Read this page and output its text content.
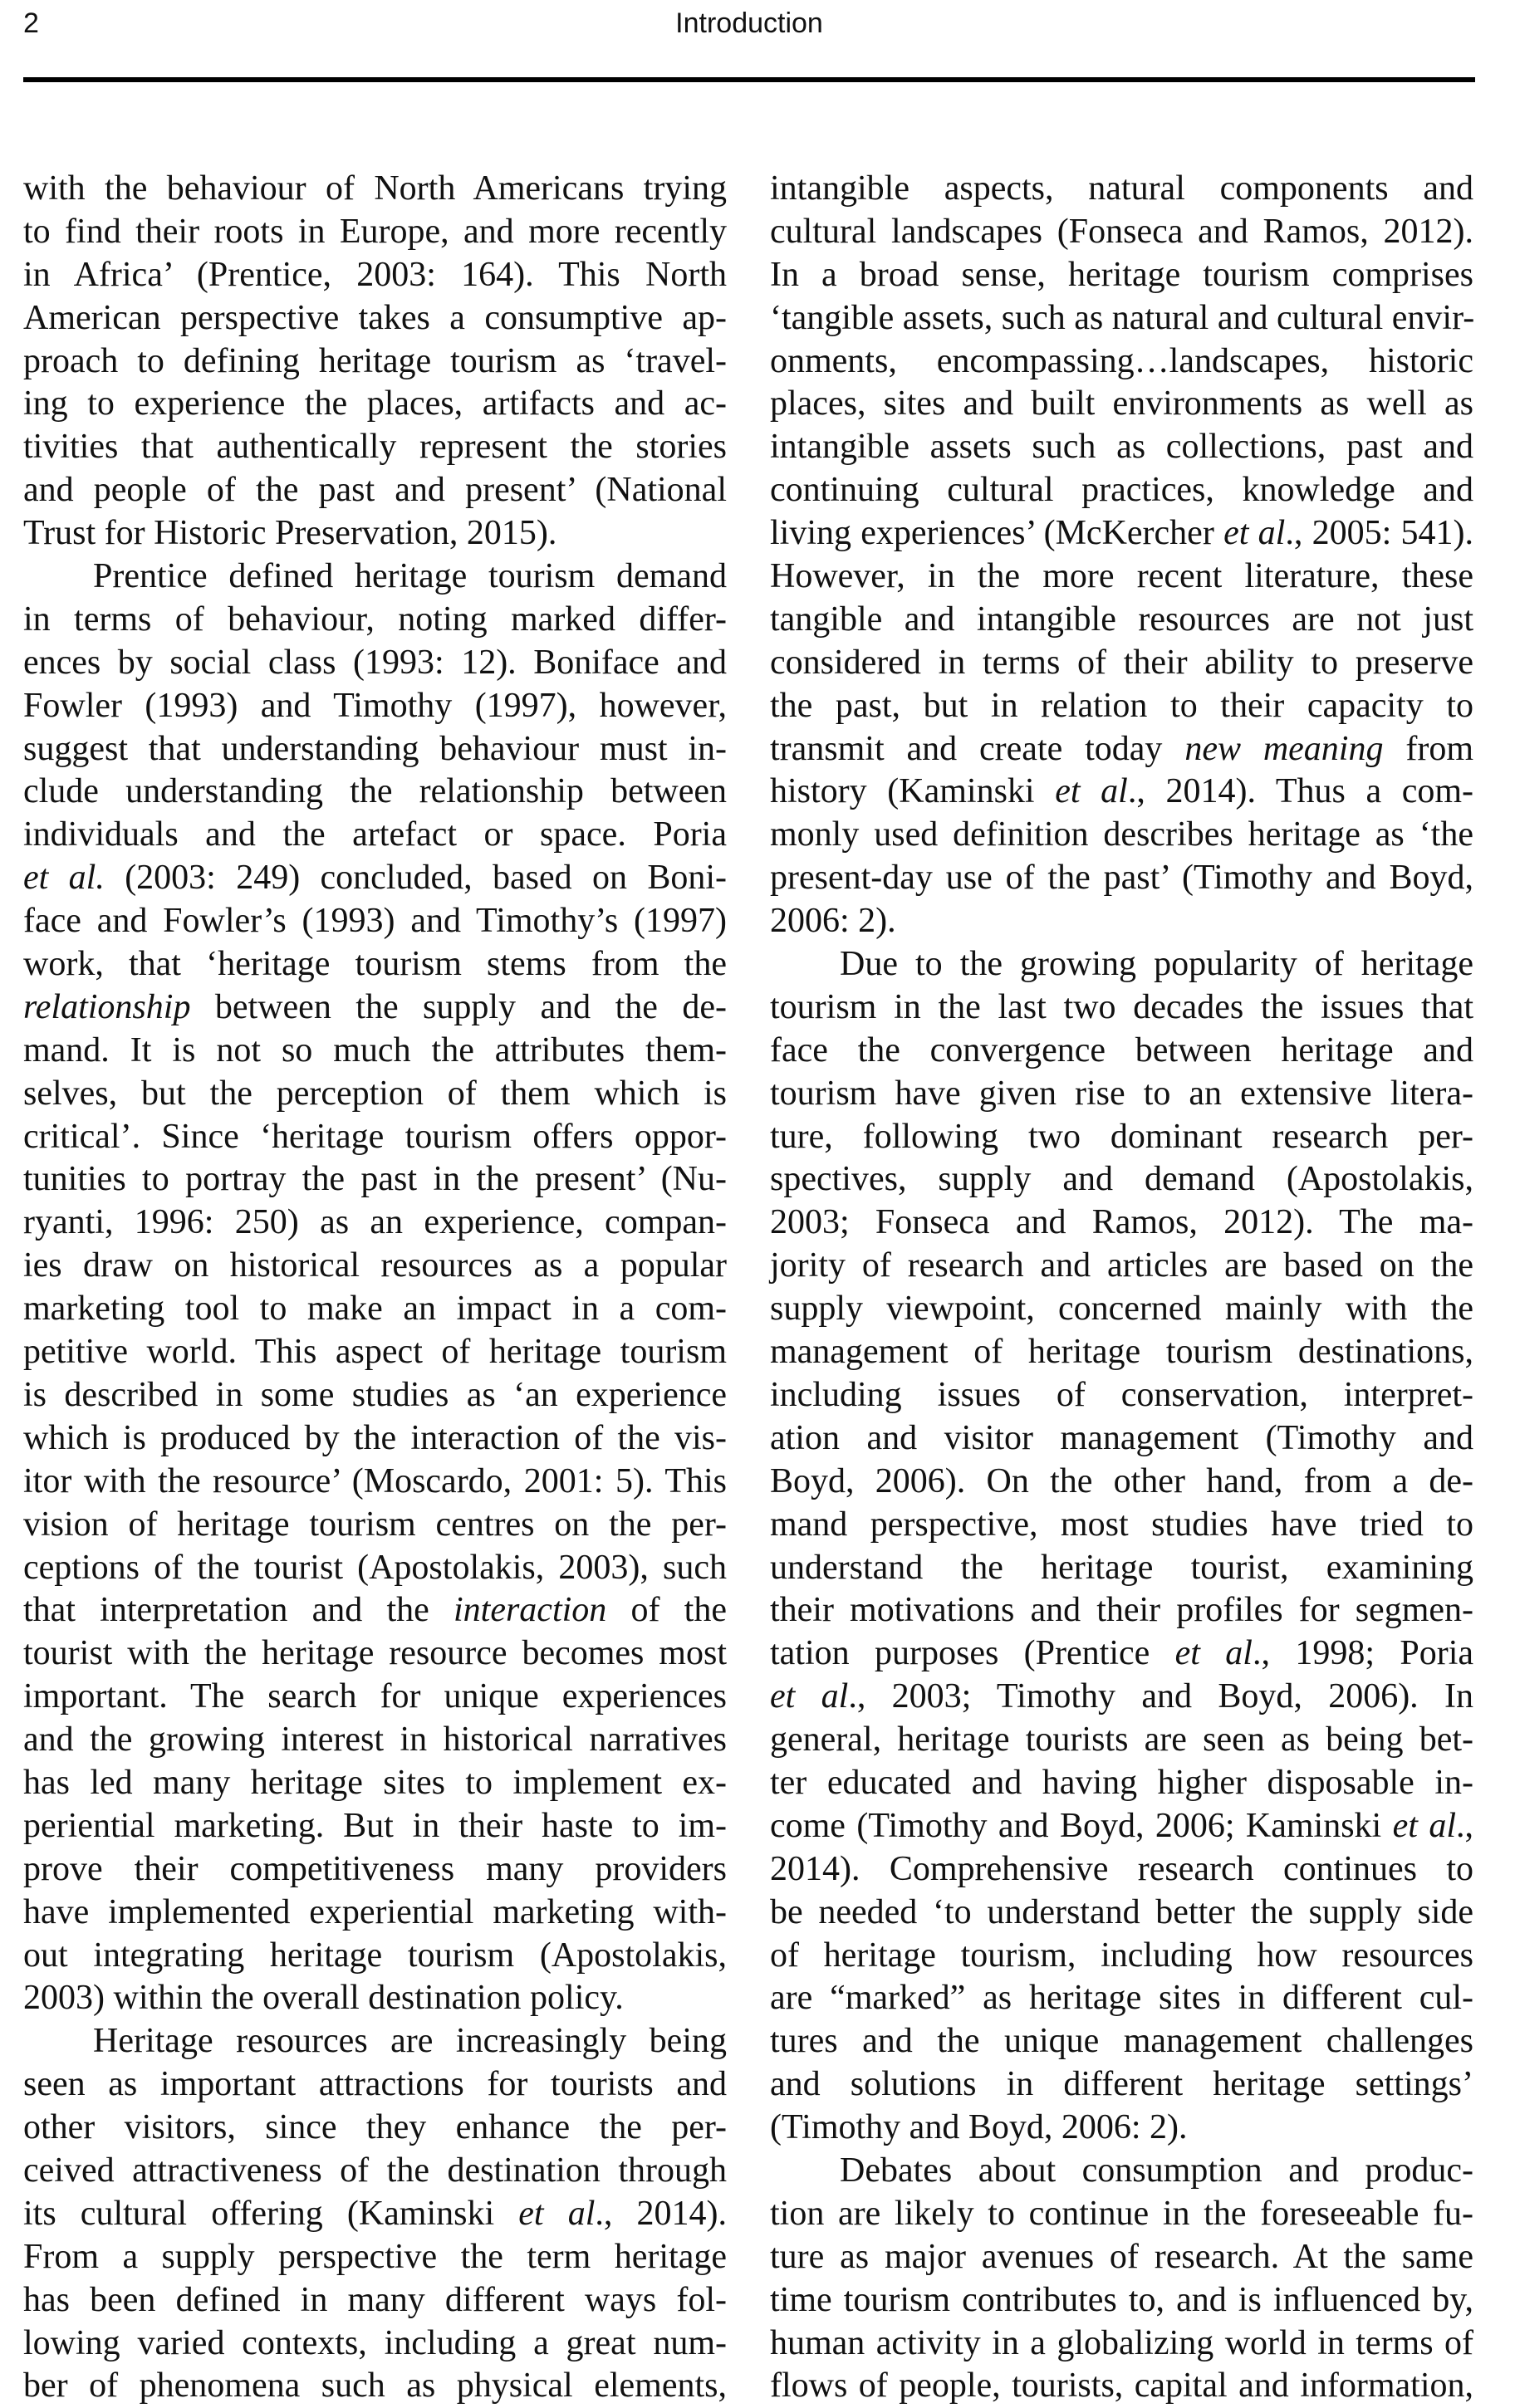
2	Introduction
with the behaviour of North Americans trying
to find their roots in Europe, and more recently
in Africa’ (Prentice, 2003: 164). This North
American perspective takes a consumptive ap-
proach to defining heritage tourism as ‘travel-
ing to experience the places, artifacts and ac-
tivities that authentically represent the stories
and people of the past and present’ (National
Trust for Historic Preservation, 2015).
Prentice defined heritage tourism demand
in terms of behaviour, noting marked differ-
ences by social class (1993: 12). Boniface and
Fowler (1993) and Timothy (1997), however,
suggest that understanding behaviour must in-
clude understanding the relationship between
individuals and the artefact or space. Poria
et al. (2003: 249) concluded, based on Boni-
face and Fowler’s (1993) and Timothy’s (1997)
work, that ‘heritage tourism stems from the
relationship between the supply and the de-
mand. It is not so much the attributes them-
selves, but the perception of them which is
critical’. Since ‘heritage tourism offers oppor-
tunities to portray the past in the present’ (Nu-
ryanti, 1996: 250) as an experience, compan-
ies draw on historical resources as a popular
marketing tool to make an impact in a com-
petitive world. This aspect of heritage tourism
is described in some studies as ‘an experience
which is produced by the interaction of the vis-
itor with the resource’ (Moscardo, 2001: 5). This
vision of heritage tourism centres on the per-
ceptions of the tourist (Apostolakis, 2003), such
that interpretation and the interaction of the
tourist with the heritage resource becomes most
important. The search for unique experiences
and the growing interest in historical narratives
has led many heritage sites to implement ex-
periential marketing. But in their haste to im-
prove their competitiveness many providers
have implemented experiential marketing with-
out integrating heritage tourism (Apostolakis,
2003) within the overall destination policy.
Heritage resources are increasingly being
seen as important attractions for tourists and
other visitors, since they enhance the per-
ceived attractiveness of the destination through
its cultural offering (Kaminski et al., 2014).
From a supply perspective the term heritage
has been defined in many different ways fol-
lowing varied contexts, including a great num-
ber of phenomena such as physical elements,
intangible aspects, natural components and
cultural landscapes (Fonseca and Ramos, 2012).
In a broad sense, heritage tourism comprises
‘tangible assets, such as natural and cultural envir-
onments, encompassing…landscapes, historic
places, sites and built environments as well as
intangible assets such as collections, past and
continuing cultural practices, knowledge and
living experiences’ (McKercher et al., 2005: 541).
However, in the more recent literature, these
tangible and intangible resources are not just
considered in terms of their ability to preserve
the past, but in relation to their capacity to
transmit and create today new meaning from
history (Kaminski et al., 2014). Thus a com-
monly used definition describes heritage as ‘the
present-day use of the past’ (Timothy and Boyd,
2006: 2).
Due to the growing popularity of heritage
tourism in the last two decades the issues that
face the convergence between heritage and
tourism have given rise to an extensive litera-
ture, following two dominant research per-
spectives, supply and demand (Apostolakis,
2003; Fonseca and Ramos, 2012). The ma-
jority of research and articles are based on the
supply viewpoint, concerned mainly with the
management of heritage tourism destinations,
including issues of conservation, interpret-
ation and visitor management (Timothy and
Boyd, 2006). On the other hand, from a de-
mand perspective, most studies have tried to
understand the heritage tourist, examining
their motivations and their profiles for segmen-
tation purposes (Prentice et al., 1998; Poria
et al., 2003; Timothy and Boyd, 2006). In
general, heritage tourists are seen as being bet-
ter educated and having higher disposable in-
come (Timothy and Boyd, 2006; Kaminski et al.,
2014). Comprehensive research continues to
be needed ‘to understand better the supply side
of heritage tourism, including how resources
are “marked” as heritage sites in different cul-
tures and the unique management challenges
and solutions in different heritage settings’
(Timothy and Boyd, 2006: 2).
Debates about consumption and produc-
tion are likely to continue in the foreseeable fu-
ture as major avenues of research. At the same
time tourism contributes to, and is influenced by,
human activity in a globalizing world in terms of
flows of people, tourists, capital and information,
